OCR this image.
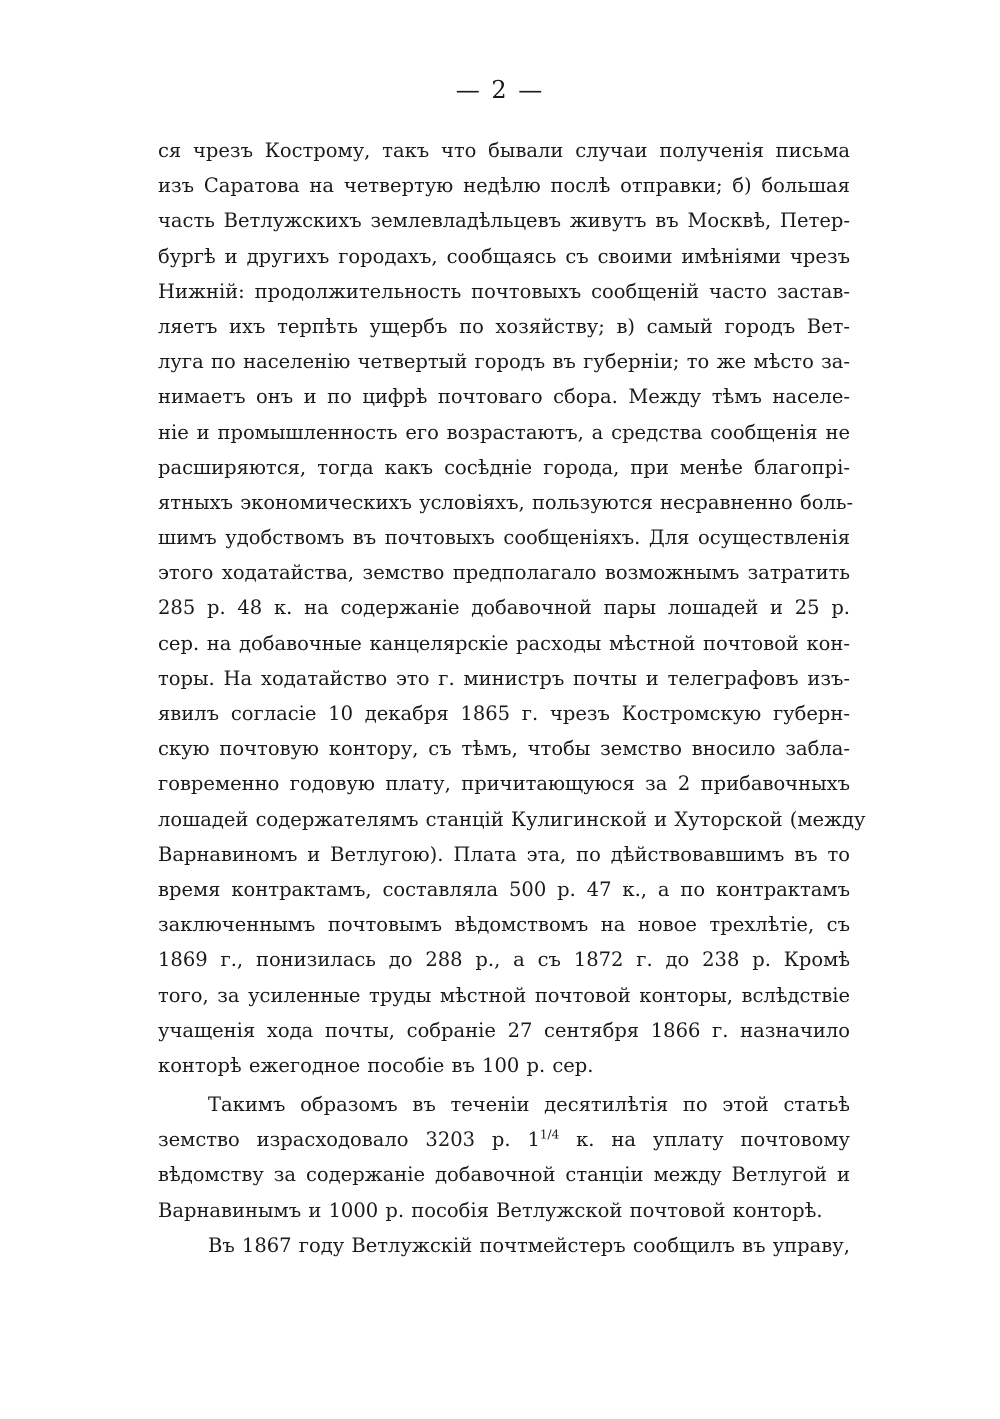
— 2 —
ся чрезъ Кострому, такъ что бывали случаи полученія письма
изъ Саратова на четвертую недѣлю послѣ отправки; б) большая
часть Ветлужскихъ землевладѣльцевъ живутъ въ Москвѣ, Петер-
бургѣ и другихъ городахъ, сообщаясь съ своими имѣніями чрезъ
Нижній: продолжительность почтовыхъ сообщеній часто застав-
ляетъ ихъ терпѣть ущербъ по хозяйству; в) самый городъ Вет-
луга по населенію четвертый городъ въ губерніи; то же мѣсто за-
нимаетъ онъ и по цифрѣ почтоваго сбора. Между тѣмъ населе-
ніе и промышленность его возрастаютъ, а средства сообщенія не
расширяются, тогда какъ сосѣдніе города, при менѣе благопрі-
ятныхъ экономическихъ условіяхъ, пользуются несравненно боль-
шимъ удобствомъ въ почтовыхъ сообщеніяхъ. Для осуществленія
этого ходатайства, земство предполагало возможнымъ затратить
285 р. 48 к. на содержаніе добавочной пары лошадей и 25 р.
сер. на добавочные канцелярскіе расходы мѣстной почтовой кон-
торы. На ходатайство это г. министръ почты и телеграфовъ изъ-
явилъ согласіе 10 декабря 1865 г. чрезъ Костромскую губерн-
скую почтовую контору, съ тѣмъ, чтобы земство вносило забла-
говременно годовую плату, причитающуюся за 2 прибавочныхъ
лошадей содержателямъ станцій Кулигинской и Хуторской (между
Варнавиномъ и Ветлугою). Плата эта, по дѣйствовавшимъ въ то
время контрактамъ, составляла 500 р. 47 к., а по контрактамъ
заключеннымъ почтовымъ вѣдомствомъ на новое трехлѣтіе, съ
1869 г., понизилась до 288 р., а съ 1872 г. до 238 р. Кромѣ
того, за усиленные труды мѣстной почтовой конторы, вслѣдствіе
учащенія хода почты, собраніе 27 сентября 1866 г. назначило
конторѣ ежегодное пособіе въ 100 р. сер.
Такимъ образомъ въ теченіи десятилѣтія по этой статьѣ
земство израсходовало 3203 р. $1^{1/4}$ к. на уплату почтовому
вѣдомству за содержаніе добавочной станціи между Ветлугой и
Варнавинымъ и 1000 р. пособія Ветлужской почтовой конторѣ.
Въ 1867 году Ветлужскій почтмейстеръ сообщилъ въ управу,
